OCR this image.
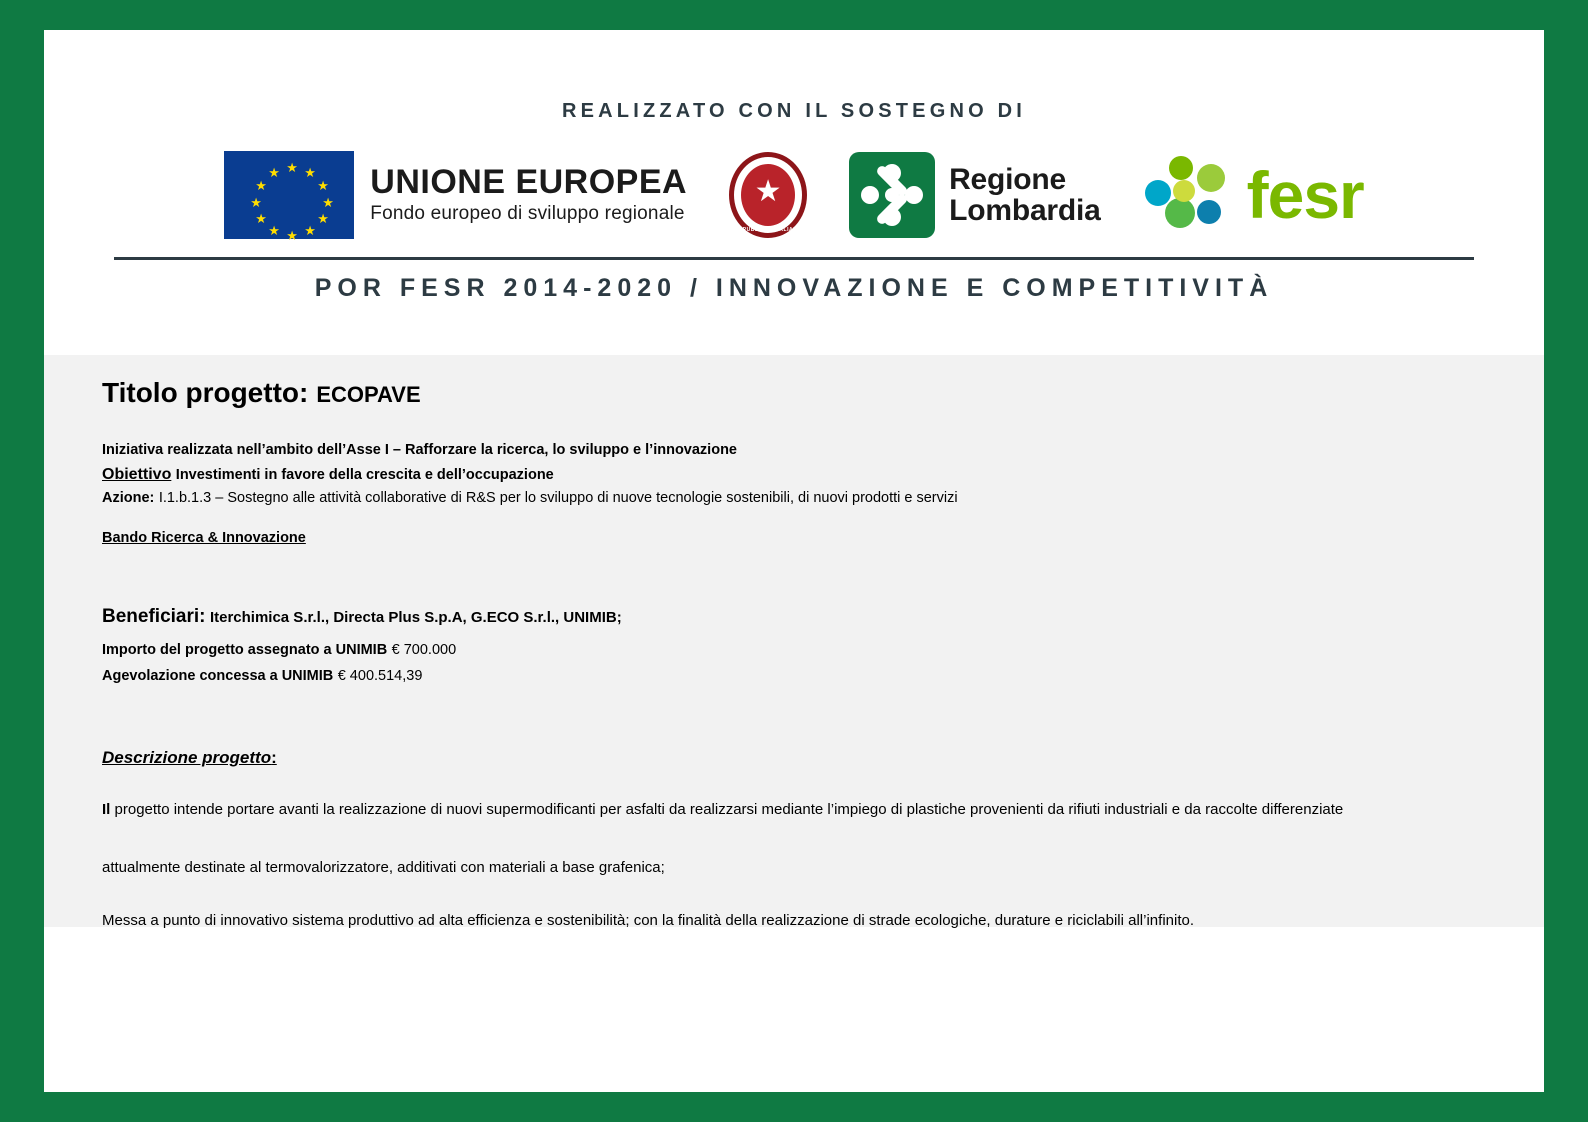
REALIZZATO CON IL SOSTEGNO DI
★ ★
★
★
★
★
★
★
★
★
★
★	UNIONE EUROPEA
Fondo europeo di sviluppo regionale
★
REPUBBLICA ITALIANA
Regione
Lombardia fesr
POR FESR 2014-2020 / INNOVAZIONE E COMPETITIVITÀ
Titolo progetto: ECOPAVE

Iniziativa realizzata nell’ambito dell’Asse I – Rafforzare la ricerca, lo sviluppo e l’innovazione

Obiettivo Investimenti in favore della crescita e dell’occupazione

Azione: I.1.b.1.3 – Sostegno alle attività collaborative di R&S per lo sviluppo di nuove tecnologie sostenibili, di nuovi prodotti e servizi

Bando Ricerca & Innovazione
Beneficiari: Iterchimica S.r.l., Directa Plus S.p.A, G.ECO S.r.l., UNIMIB;

Importo del progetto assegnato a UNIMIB € 700.000

Agevolazione concessa a UNIMIB € 400.514,39

Descrizione progetto:

Il progetto intende portare avanti la realizzazione di nuovi supermodificanti per asfalti da realizzarsi mediante l’impiego di plastiche provenienti da rifiuti industriali e da raccolte differenziate

attualmente destinate al termovalorizzatore, additivati con materiali a base grafenica;

Messa a punto di innovativo sistema produttivo ad alta efficienza e sostenibilità; con la finalità della realizzazione di strade ecologiche, durature e riciclabili all’infinito.
